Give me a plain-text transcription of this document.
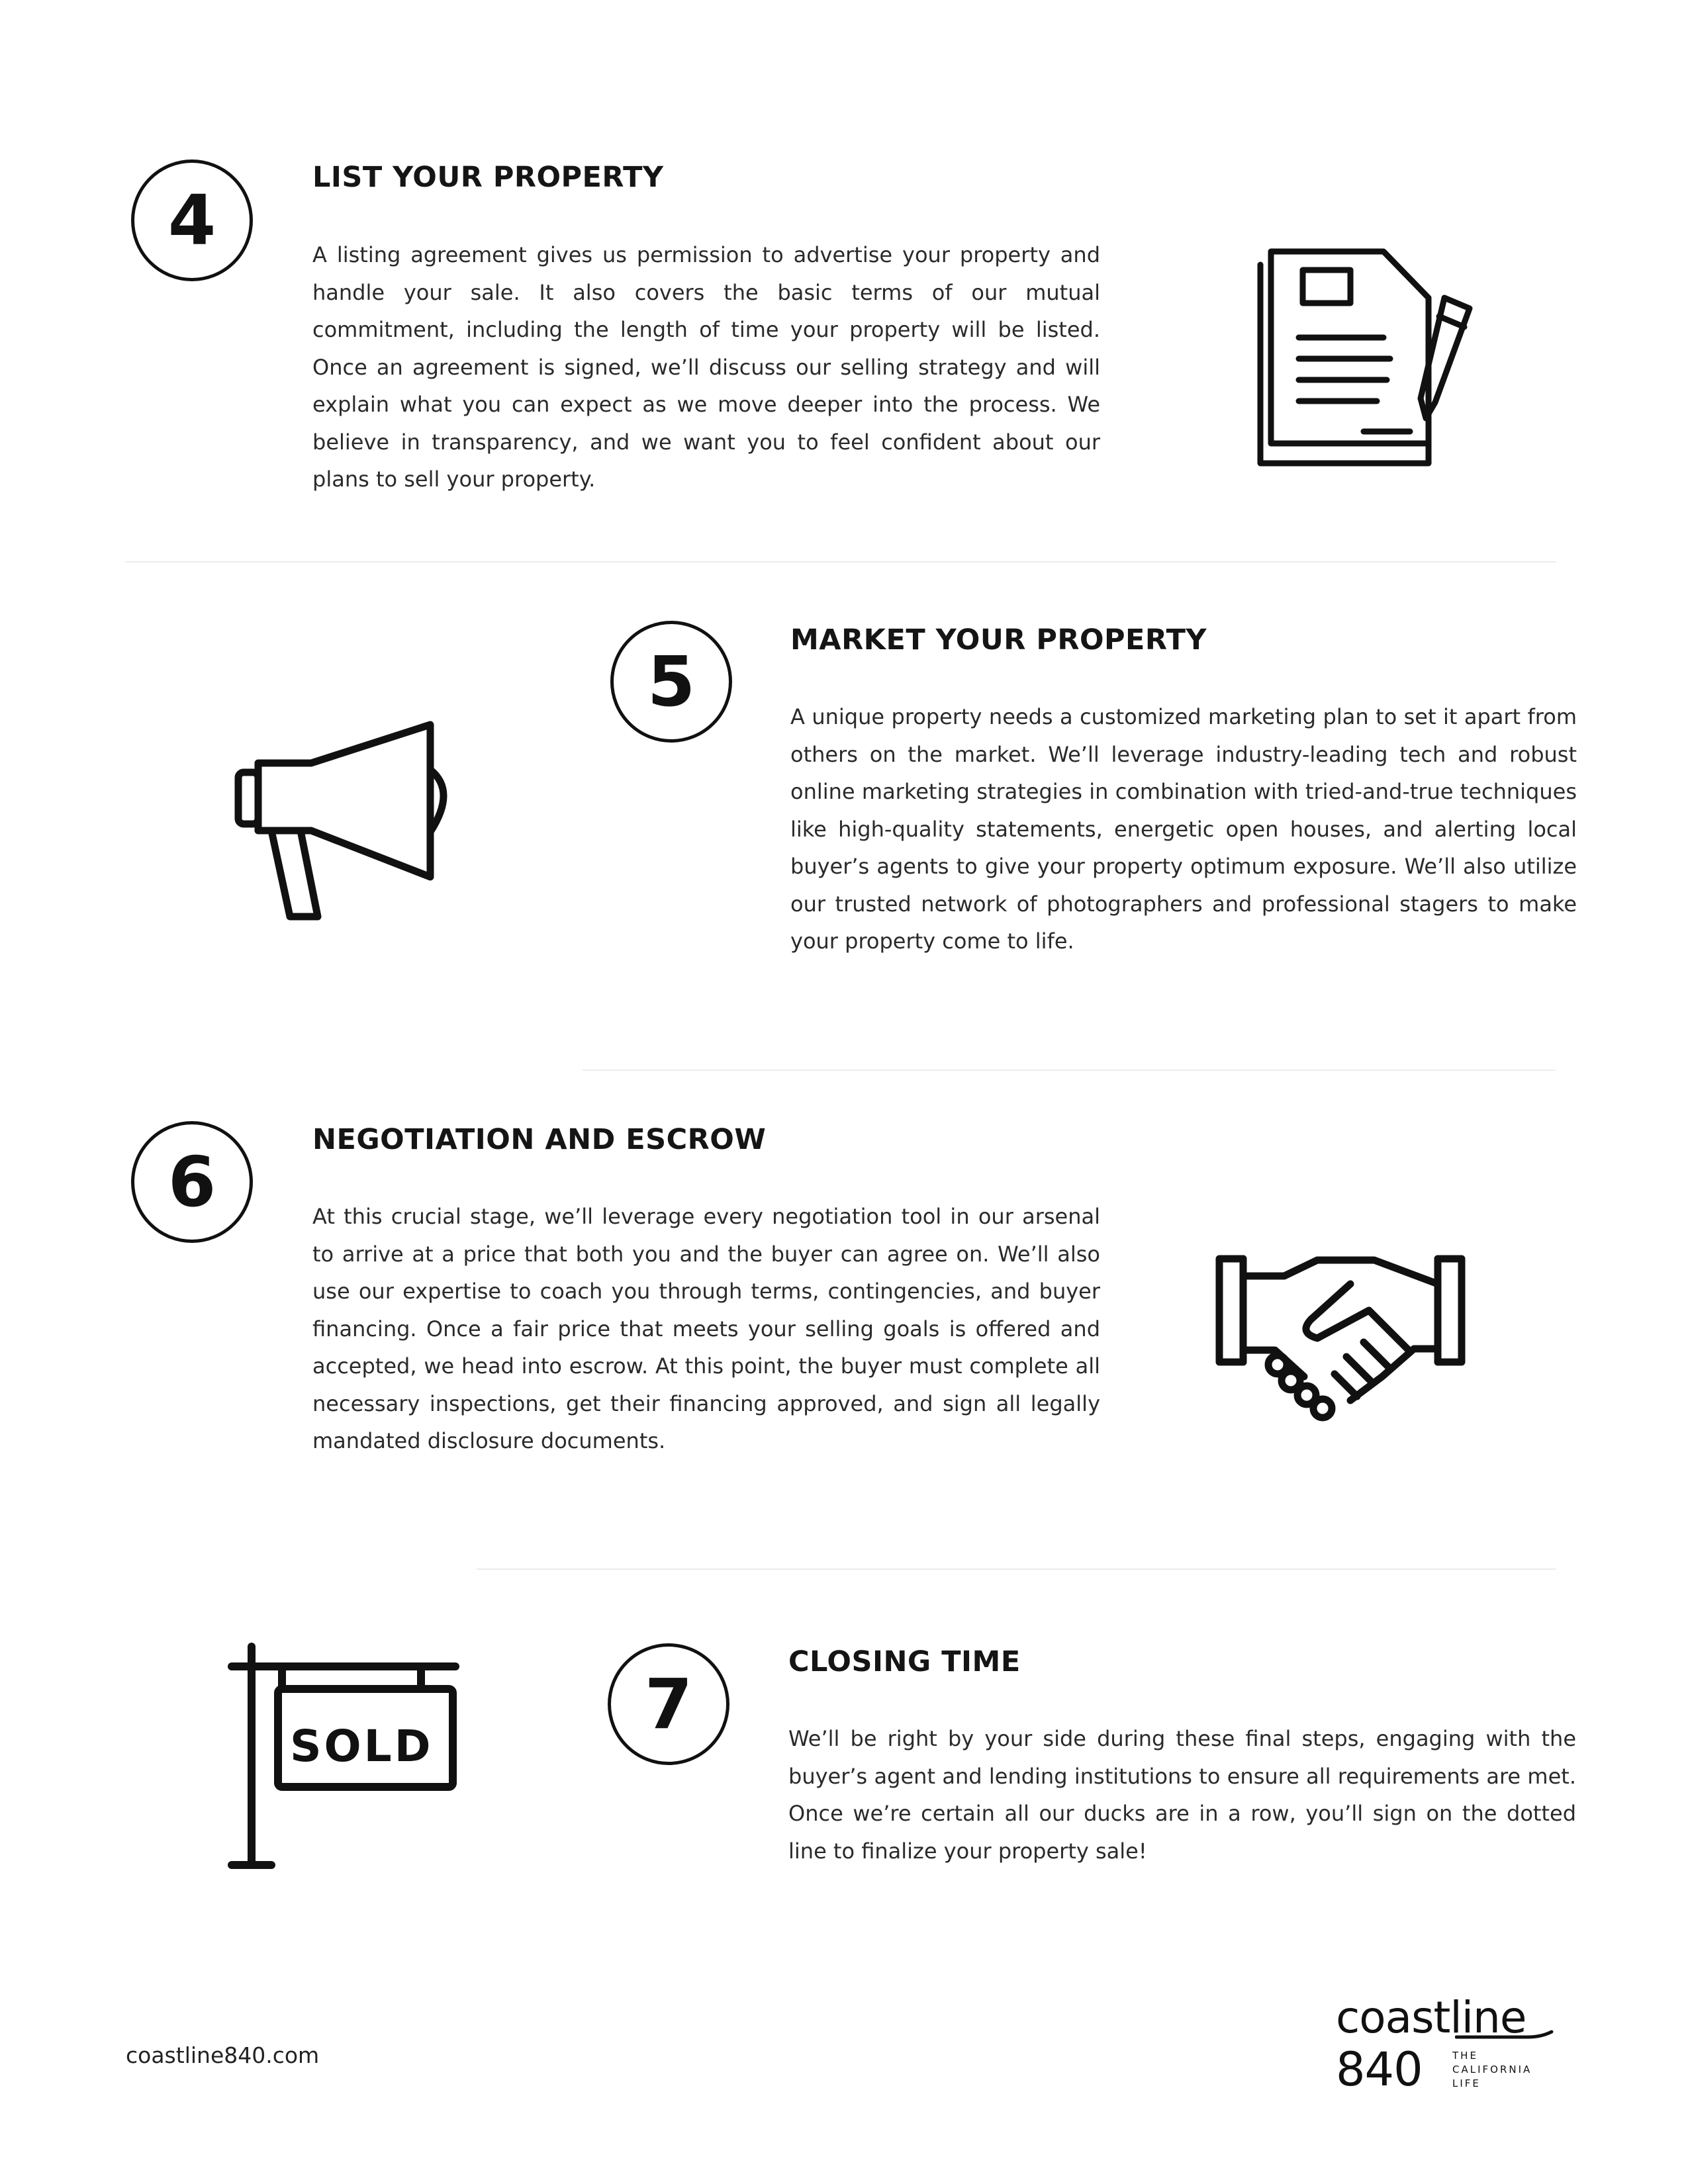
4
LIST YOUR PROPERTY
A listing agreement gives us permission to advertise your property and handle your sale. It also covers the basic terms of our mutual commitment, including the length of time your property will be listed. Once an agreement is signed, we’ll discuss our selling strategy and will explain what you can expect as we move deeper into the process. We believe in transparency, and we want you to feel confident about our plans to sell your property.
5
MARKET YOUR PROPERTY
A unique property needs a customized marketing plan to set it apart from others on the market. We’ll leverage industry-leading tech and robust online marketing strategies in combination with tried-and-true techniques like high-quality statements, energetic open houses, and alerting local buyer’s agents to give your property optimum exposure. We’ll also utilize our trusted network of photographers and professional stagers to make your property come to life.
6
NEGOTIATION AND ESCROW
At this crucial stage, we’ll leverage every negotiation tool in our arsenal to arrive at a price that both you and the buyer can agree on. We’ll also use our expertise to coach you through terms, contingencies, and buyer financing. Once a fair price that meets your selling goals is offered and accepted, we head into escrow. At this point, the buyer must complete all necessary inspections, get their financing approved, and sign all legally mandated disclosure documents.
SOLD
7
CLOSING TIME
We’ll be right by your side during these final steps, engaging with the buyer’s agent and lending institutions to ensure all requirements are met. Once we’re certain all our ducks are in a row, you’ll sign on the dotted line to finalize your property sale!
coastline840.com
coastline
840	THE
CALIFORNIA
LIFE
